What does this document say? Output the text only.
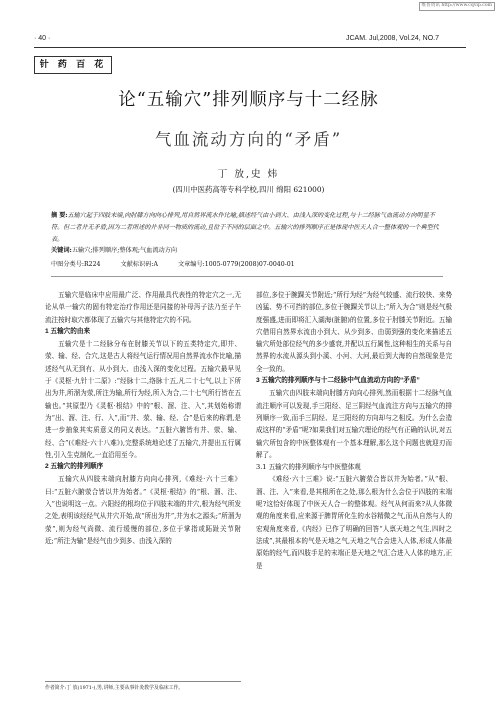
维普资讯 http://www.cqvip.com
· 40 ·	JCAM. Jul,2008, Vol.24, NO.7
针 药 百 花
论“五输穴”排列顺序与十二经脉
气血流动方向的“矛盾”
丁 放,史 炜
(四川中医药高等专科学校,四川 绵阳 621000)
摘 要:五输穴起于四肢末端,向肘膝方向向心排列,用自然界流水作比喻,描述经气由小到大、由浅入深的变化过程,与十二经脉气血流动方向明显不符。但二者并无矛盾,因为二者所述的并非同一物质的流动,且位于不同的层面之中。五输穴的排列顺序正是体现中医天人合一整体观的一个典型代表。
关键词:五输穴;排列顺序;整体观;气血流动方向
中图分类号:R224	文献标识码:A	文章编号:1005-0779(2008)07-0040-01

五输穴是临床中应用最广泛、作用最具代表性的特定穴之一,无论从单一输穴的固有特定治疗作用还是同接的补母泻子法乃至子午流注按时取穴都体现了五输穴与其他特定穴的不同。

1 五输穴的由来

五输穴是十二经脉分布在肘膝关节以下的五类特定穴,即井、荥、输、经、合穴,这是古人将经气运行情况用自然界流水作比喻,描述经气从无到有、从小到大、由浅入深的变化过程。五输穴最早见于《灵枢·九针十二原》:“经脉十二,络脉十五,凡二十七气,以上下所出为井,所溜为荥,所注为输,所行为经,所入为合,二十七气所行皆在五输也。”其原型乃《灵枢·根结》中的“根、溜、注、入”,其划始称谓为“出、溜、注、行、入”,而“井、荥、输、经、合”是后来的称谓,是进一步抽象其实质意义的同义表达。“五脏六腑皆有井、荥、输、经、合”(《难经·六十八难》),完整系统地论述了五输穴,并提出五行属性,引入生克制化,一直沿用至今。

2 五输穴的排列顺序

五输穴从四肢末端向肘膝方向向心排列,《难经·六十三难》曰:“五脏六腑荥合皆以井为始者。”《灵枢·根结》的“根、溜、注、入”也说明这一点。六阳经的根均位于四肢末端的井穴,根为经气所发之处,表明该经经气从井穴开始,故“所出为井”,井为水之源头;“所溜为荥”,则为经气尚微、流行缓慢的部位,多位于掌指或跖趾关节附近;“所注为输”是经气由少到多、由浅入深的

部位,多位于腕踝关节附近;“所行为经”为经气较盛、流行较快、来势凶猛、势不可挡的部位,多位于腕踝关节以上;“所入为合”则是经气极度强盛,进而即将汇入湖海(脏腑)的位置,多位于肘膝关节附近。五输穴借用自然界水流由小到大、从少到多、由弱到强的变化来描述五输穴所处部位经气的多少盛衰,并配以五行属性,这种相生的关系与自然界的水流从源头到小溪、小河、大河,最后到大海的自然现象是完全一致的。

3 五输穴的排列顺序与十二经脉中气血流动方向的“矛盾”

五输穴由四肢末端向肘膝方向向心排列,然而根据十二经脉气血流注顺序可以发现,手三阳经、足三阴经气血流注方向与五输穴的排列顺序一致,而手三阴经、足三阳经的方向却与之相反。为什么会造成这样的“矛盾”呢?如果我们对五输穴理论的经气有正确的认识,对五输穴所包含的中医整体观有一个基本理解,那么这个问题也就迎刃而解了。

3.1 五输穴的排列顺序与中医整体观

《难经·六十三难》说:“五脏六腑荥合皆以井为始者。”从“根、溜、注、入”来看,是其根所在之处,那么根为什么会位于四肢的末端呢?这恰好体现了中医天人合一的整体观。经气从何而来?从人体微观的角度来看,应来源于脾胃所化生的水谷精微之气,而从自然与人的宏观角度来看,《内经》已作了明确的回答“人禀天地之气生,四时之法成”,其最根本的气是天地之气,天地之气合会进入人体,形成人体最原始的经气,而四肢手足的末端正是天地之气汇合进入人体的地方,正是

作者简介:丁 放(1971-),男,讲师,主要从事针灸教学及临床工作。
